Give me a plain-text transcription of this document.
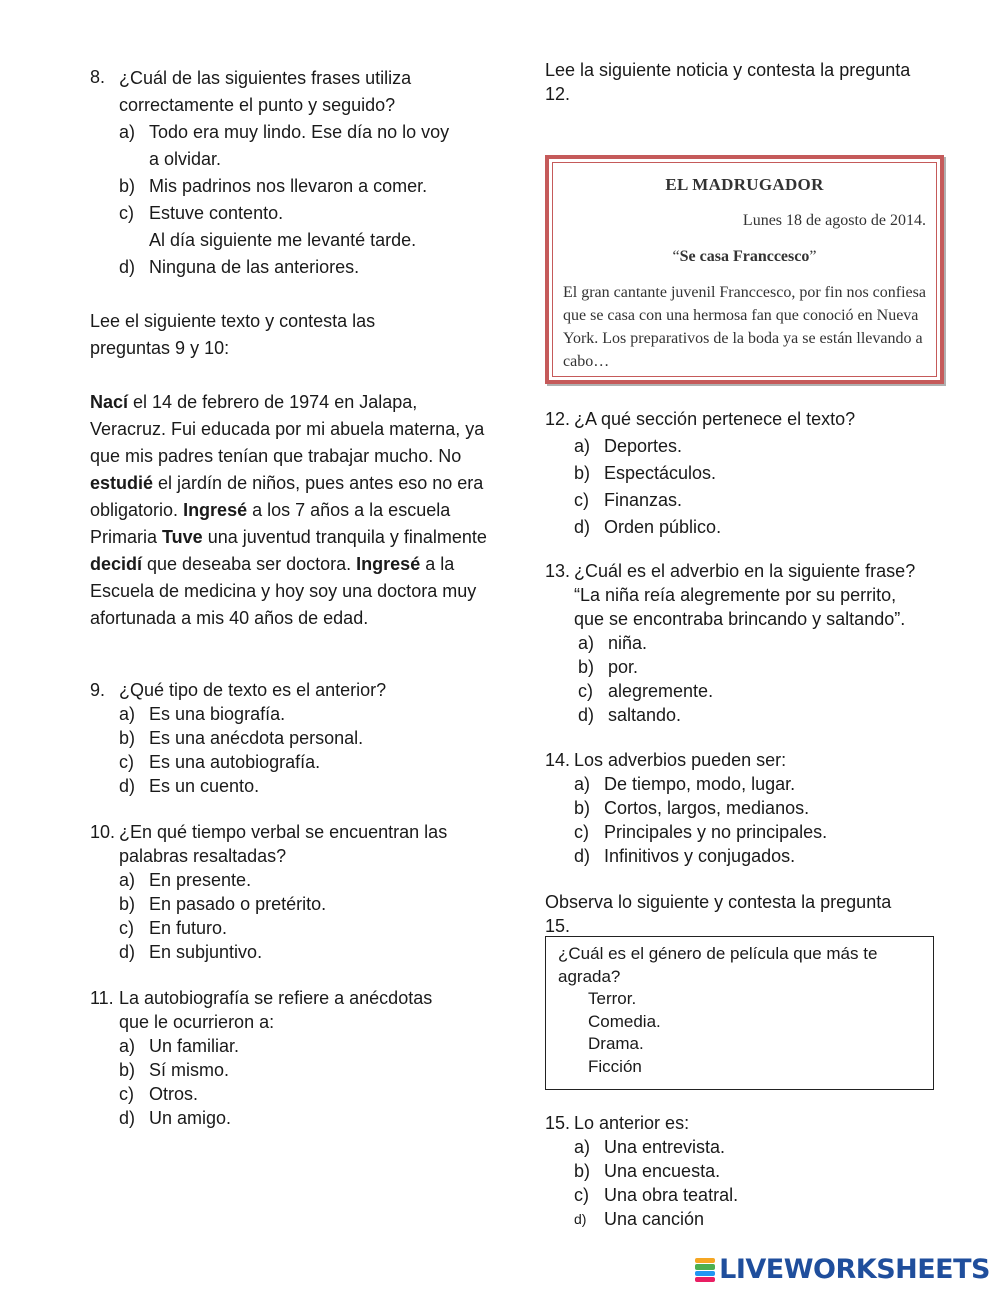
8. ¿Cuál de las siguientes frases utiliza
correctamente el punto y seguido?
a) Todo era muy lindo. Ese día no lo voy
a olvidar.
b) Mis padrinos nos llevaron a comer.
c) Estuve contento.
Al día siguiente me levanté tarde.
d) Ninguna de las anteriores.
Lee el siguiente texto y contesta las
preguntas 9 y 10:
Nací el 14 de febrero de 1974 en Jalapa, Veracruz. Fui educada por mi abuela materna, ya que mis padres tenían que trabajar mucho. No estudié el jardín de niños, pues antes eso no era obligatorio. Ingresé a los 7 años a la escuela Primaria Tuve una juventud tranquila y finalmente decidí que deseaba ser doctora. Ingresé a la Escuela de medicina y hoy soy una doctora muy afortunada a mis 40 años de edad.
9. ¿Qué tipo de texto es el anterior?
a) Es una biografía.
b) Es una anécdota personal.
c) Es una autobiografía.
d) Es un cuento.
10. ¿En qué tiempo verbal se encuentran las
palabras resaltadas?
a) En presente.
b) En pasado o pretérito.
c) En futuro.
d) En subjuntivo.
11. La autobiografía se refiere a anécdotas
que le ocurrieron a:
a) Un familiar.
b) Sí mismo.
c) Otros.
d) Un amigo.
Lee la siguiente noticia y contesta la pregunta
12.
EL MADRUGADOR
Lunes 18 de agosto de 2014.
“Se casa Franccesco”
El gran cantante juvenil Franccesco, por fin nos confiesa que se casa con una hermosa fan que conoció en Nueva York. Los preparativos de la boda ya se están llevando a cabo…
12. ¿A qué sección pertenece el texto?
a) Deportes.
b) Espectáculos.
c) Finanzas.
d) Orden público.
13. ¿Cuál es el adverbio en la siguiente frase?
“La niña reía alegremente por su perrito,
que se encontraba brincando y saltando”.
a) niña.
b) por.
c) alegremente.
d) saltando.
14. Los adverbios pueden ser:
a) De tiempo, modo, lugar.
b) Cortos, largos, medianos.
c) Principales y no principales.
d) Infinitivos y conjugados.
Observa lo siguiente y contesta la pregunta
15.
¿Cuál es el género de película que más te
agrada?
Terror.
Comedia.
Drama.
Ficción
15. Lo anterior es:
a) Una entrevista.
b) Una encuesta.
c) Una obra teatral.
d) Una canción
LIVEWORKSHEETS
